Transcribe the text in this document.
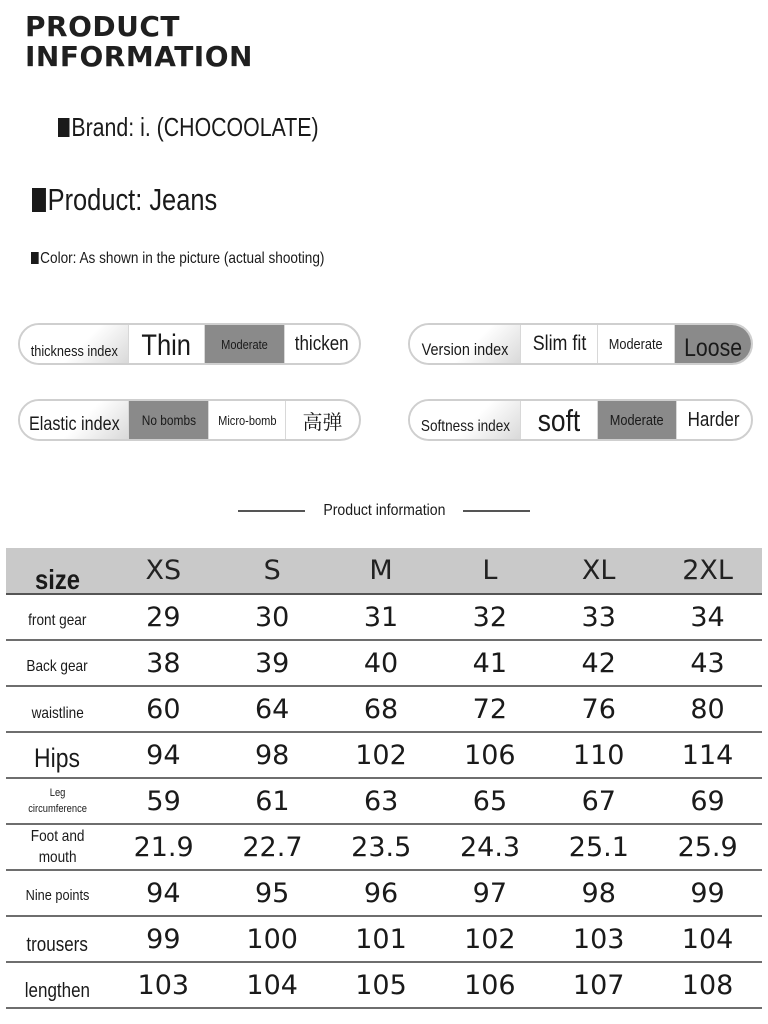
PRODUCT
INFORMATION
Brand: i. (CHOCOOLATE)
Product: Jeans
Color: As shown in the picture (actual shooting)
thickness index Thin Moderate thicken	Version index Slim fit Moderate Loose
Elastic index No bombs Micro-bomb 高弹	Softness index soft Moderate Harder
Product information
size	XS	S	M	L	XL	2XL
front gear	29	30	31	32	33	34
Back gear	38	39	40	41	42	43
waistline	60	64	68	72	76	80
Hips	94	98	102	106	110	114
Leg circumference	59	61	63	65	67	69
Foot and mouth	21.9	22.7	23.5	24.3	25.1	25.9
Nine points	94	95	96	97	98	99
trousers	99	100	101	102	103	104
lengthen	103	104	105	106	107	108
